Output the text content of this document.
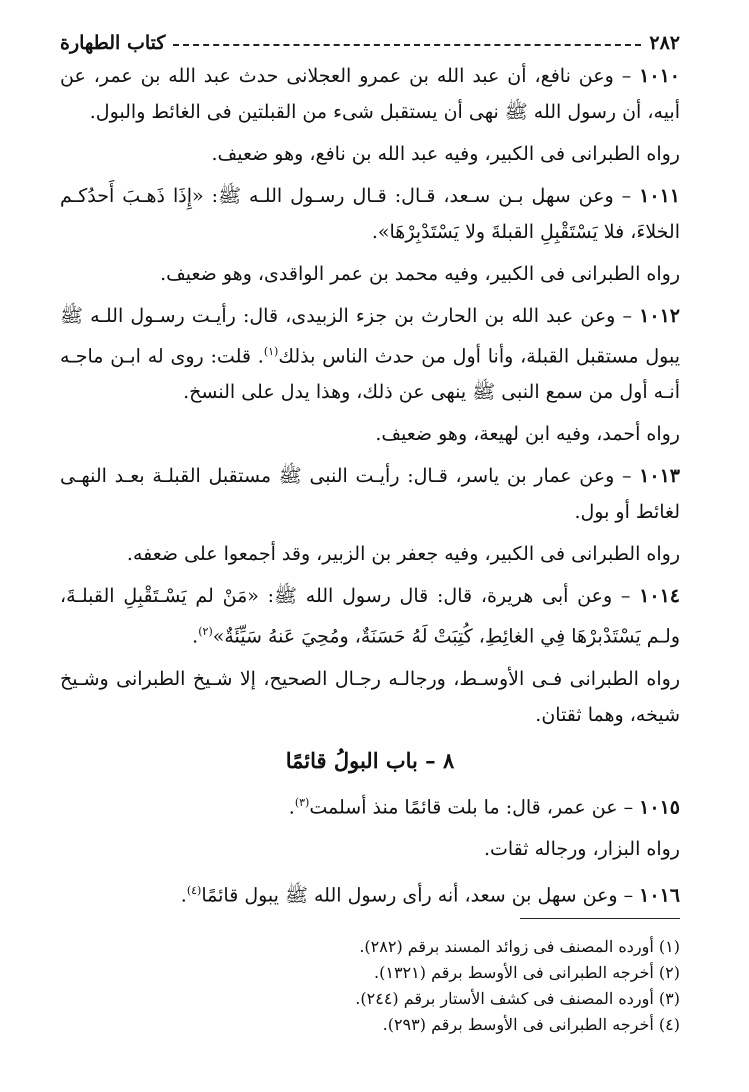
٢٨٢
كتاب الطهارة

١٠١٠ – وعن نافع، أن عبد الله بن عمرو العجلانى حدث عبد الله بن عمر، عن أبيه، أن رسول الله ﷺ نهى أن يستقبل شىء من القبلتين فى الغائط والبول.

رواه الطبرانى فى الكبير، وفيه عبد الله بن نافع، وهو ضعيف.

١٠١١ – وعن سهل بـن سـعد، قـال: قـال رسـول اللـه ﷺ: «إِذَا ذَهـبَ أَحدُكـم الخلاءَ، فلا يَسْتَقْبِلِ القبلةَ ولا يَسْتَدْبِرْهَا».

رواه الطبرانى فى الكبير، وفيه محمد بن عمر الواقدى، وهو ضعيف.

١٠١٢ – وعن عبد الله بن الحارث بن جزء الزبيدى، قال: رأيـت رسـول اللـه ﷺ يبول مستقبل القبلة، وأنا أول من حدث الناس بذلك$^{(١)}$. قلت: روى له ابـن ماجـه أنـه أول من سمع النبى ﷺ ينهى عن ذلك، وهذا يدل على النسخ.

رواه أحمد، وفيه ابن لهيعة، وهو ضعيف.

١٠١٣ – وعن عمار بن ياسر، قـال: رأيـت النبى ﷺ مستقبل القبلـة بعـد النهـى لغائط أو بول.

رواه الطبرانى فى الكبير، وفيه جعفر بن الزبير، وقد أجمعوا على ضعفه.

١٠١٤ – وعن أبى هريرة، قال: قال رسول الله ﷺ: «مَنْ لم يَسْـتَقْبِلِ القبلـةَ، ولـم يَسْتَدْبرْهَا فِي الغائِطِ، كُتِبَتْ لَهُ حَسَنَةٌ، ومُحِيَ عَنهُ سَيِّئَةٌ»$^{(٢)}$.

رواه الطبرانى فـى الأوسـط، ورجالـه رجـال الصحيح، إلا شـيخ الطبرانى وشـيخ شيخه، وهما ثقتان.

٨ – باب البولُ قائمًا

١٠١٥ – عن عمر، قال: ما بلت قائمًا منذ أسلمت$^{(٣)}$.

رواه البزار، ورجاله ثقات.

١٠١٦ – وعن سهل بن سعد، أنه رأى رسول الله ﷺ يبول قائمًا$^{(٤)}$.

(١) أورده المصنف فى زوائد المسند برقم (٢٨٢).
(٢) أخرجه الطبرانى فى الأوسط برقم (١٣٢١).
(٣) أورده المصنف فى كشف الأستار برقم (٢٤٤).
(٤) أخرجه الطبرانى فى الأوسط برقم (٢٩٣).
